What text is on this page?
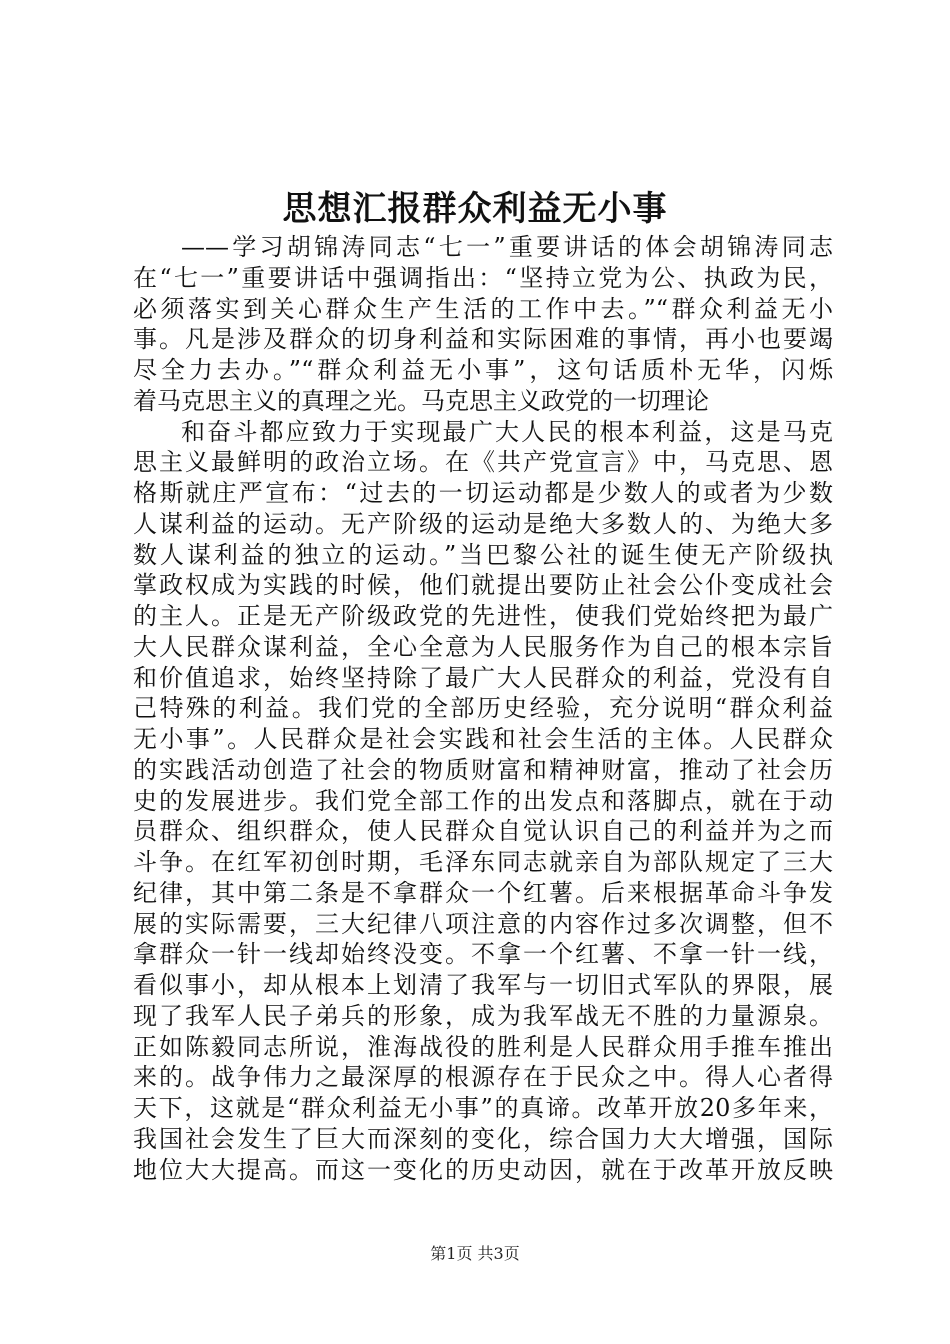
思想汇报群众利益无小事
——学习胡锦涛同志“七一”重要讲话的体会胡锦涛同志
在“七一”重要讲话中强调指出：“坚持立党为公、执政为民，
必须落实到关心群众生产生活的工作中去。”“群众利益无小
事。凡是涉及群众的切身利益和实际困难的事情，再小也要竭
尽全力去办。”“群众利益无小事”，这句话质朴无华，闪烁
着马克思主义的真理之光。马克思主义政党的一切理论
和奋斗都应致力于实现最广大人民的根本利益，这是马克
思主义最鲜明的政治立场。在《共产党宣言》中，马克思、恩
格斯就庄严宣布：“过去的一切运动都是少数人的或者为少数
人谋利益的运动。无产阶级的运动是绝大多数人的、为绝大多
数人谋利益的独立的运动。”当巴黎公社的诞生使无产阶级执
掌政权成为实践的时候，他们就提出要防止社会公仆变成社会
的主人。正是无产阶级政党的先进性，使我们党始终把为最广
大人民群众谋利益，全心全意为人民服务作为自己的根本宗旨
和价值追求，始终坚持除了最广大人民群众的利益，党没有自
己特殊的利益。我们党的全部历史经验，充分说明“群众利益
无小事”。人民群众是社会实践和社会生活的主体。人民群众
的实践活动创造了社会的物质财富和精神财富，推动了社会历
史的发展进步。我们党全部工作的出发点和落脚点，就在于动
员群众、组织群众，使人民群众自觉认识自己的利益并为之而
斗争。在红军初创时期，毛泽东同志就亲自为部队规定了三大
纪律，其中第二条是不拿群众一个红薯。后来根据革命斗争发
展的实际需要，三大纪律八项注意的内容作过多次调整，但不
拿群众一针一线却始终没变。不拿一个红薯、不拿一针一线，
看似事小，却从根本上划清了我军与一切旧式军队的界限，展
现了我军人民子弟兵的形象，成为我军战无不胜的力量源泉。
正如陈毅同志所说，淮海战役的胜利是人民群众用手推车推出
来的。战争伟力之最深厚的根源存在于民众之中。得人心者得
天下，这就是“群众利益无小事”的真谛。改革开放20多年来，
我国社会发生了巨大而深刻的变化，综合国力大大增强，国际
地位大大提高。而这一变化的历史动因，就在于改革开放反映
第1页 共3页
